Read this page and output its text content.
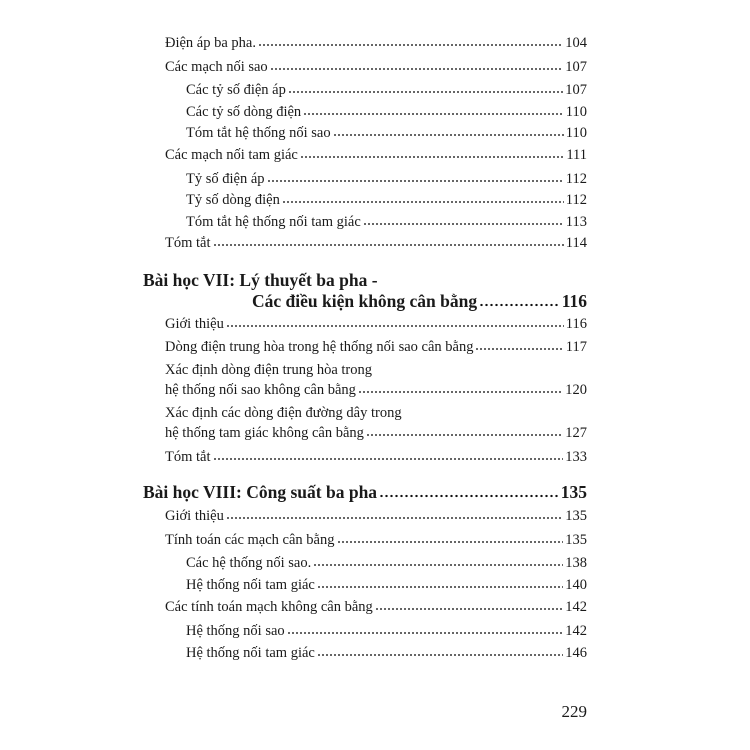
Điện áp ba pha.	104
Các mạch nối sao	107
Các tỷ số điện áp	107
Các tỷ số dòng điện	110
Tóm tắt hệ thống nối sao	110
Các mạch nối tam giác	111
Tỷ số điện áp	112
Tỷ số dòng điện	112
Tóm tắt hệ thống nối tam giác	113
Tóm tắt	114
Bài học VII: Lý thuyết ba pha -
Các điều kiện không cân bằng	116
Giới thiệu	116
Dòng điện trung hòa trong hệ thống nối sao cân bằng	117
Xác định dòng điện trung hòa trong
hệ thống nối sao không cân bằng	120
Xác định các dòng điện đường dây trong
hệ thống tam giác không cân bằng	127
Tóm tắt	133
Bài học VIII: Công suất ba pha	135
Giới thiệu	135
Tính toán các mạch cân bằng	135
Các hệ thống nối sao.	138
Hệ thống nối tam giác	140
Các tính toán mạch không cân bằng	142
Hệ thống nối sao	142
Hệ thống nối tam giác	146
229
